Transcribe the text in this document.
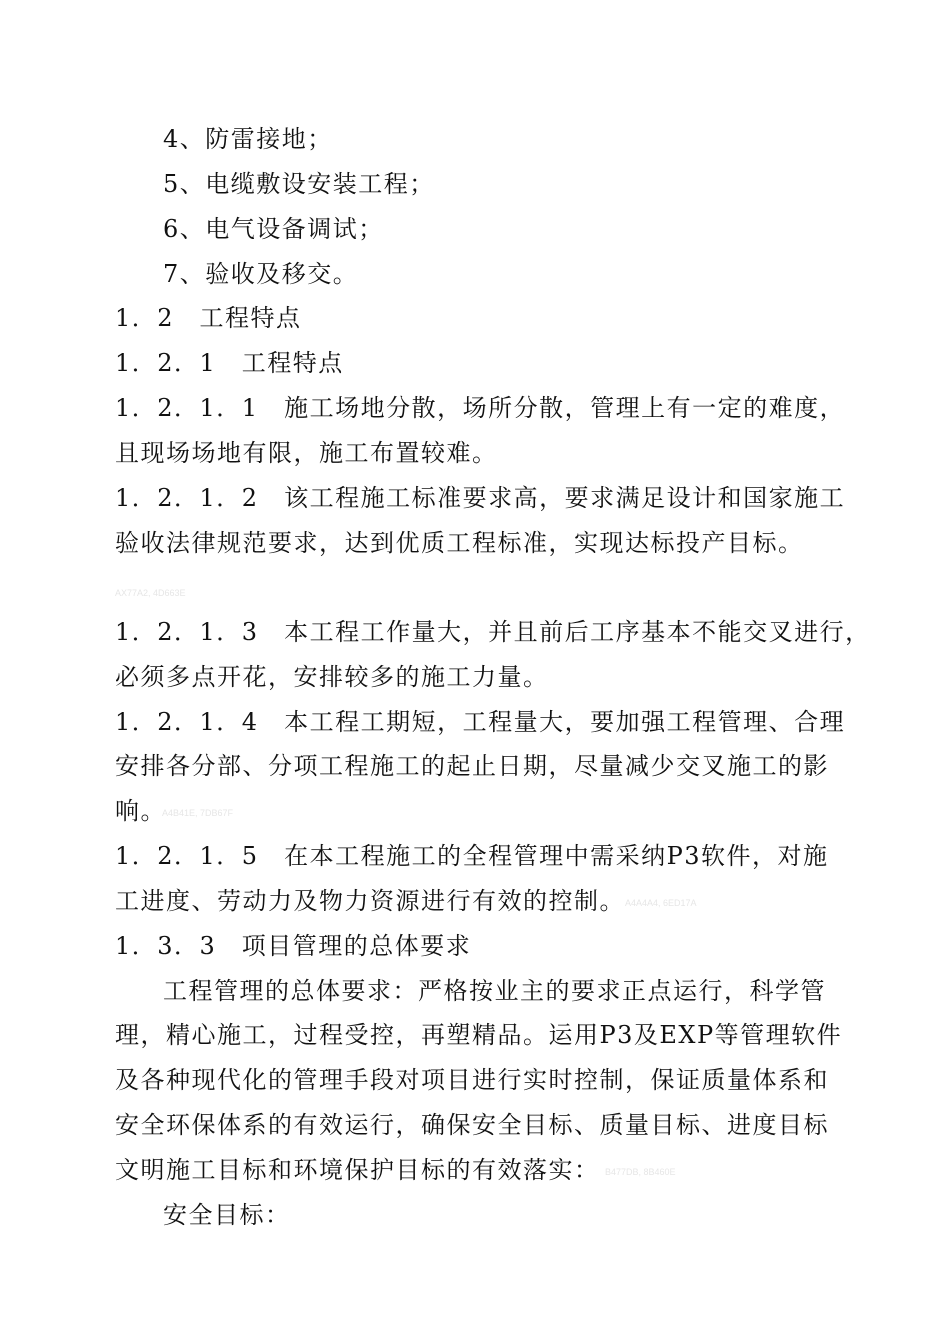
4、防雷接地；
5、电缆敷设安装工程；
6、电气设备调试；
7、验收及移交。
1．2　工程特点
1．2．1　工程特点
1．2．1．1　施工场地分散，场所分散，管理上有一定的难度，
且现场场地有限，施工布置较难。
1．2．1．2　该工程施工标准要求高，要求满足设计和国家施工
验收法律规范要求，达到优质工程标准，实现达标投产目标。
AX77A2, 4D663E
1．2．1．3　本工程工作量大，并且前后工序基本不能交叉进行，
必须多点开花，安排较多的施工力量。
1．2．1．4　本工程工期短，工程量大，要加强工程管理、合理
安排各分部、分项工程施工的起止日期，尽量减少交叉施工的影
响。
A4B41E, 7DB67F
1．2．1．5　在本工程施工的全程管理中需采纳P3软件，对施
工进度、劳动力及物力资源进行有效的控制。 A4A4A4, 6ED17A
1．3．3　项目管理的总体要求
工程管理的总体要求：严格按业主的要求正点运行，科学管
理，精心施工，过程受控，再塑精品。运用P3及EXP等管理软件
及各种现代化的管理手段对项目进行实时控制，保证质量体系和
安全环保体系的有效运行，确保安全目标、质量目标、进度目标
文明施工目标和环境保护目标的有效落实： B477DB, 8B460E
安全目标：
